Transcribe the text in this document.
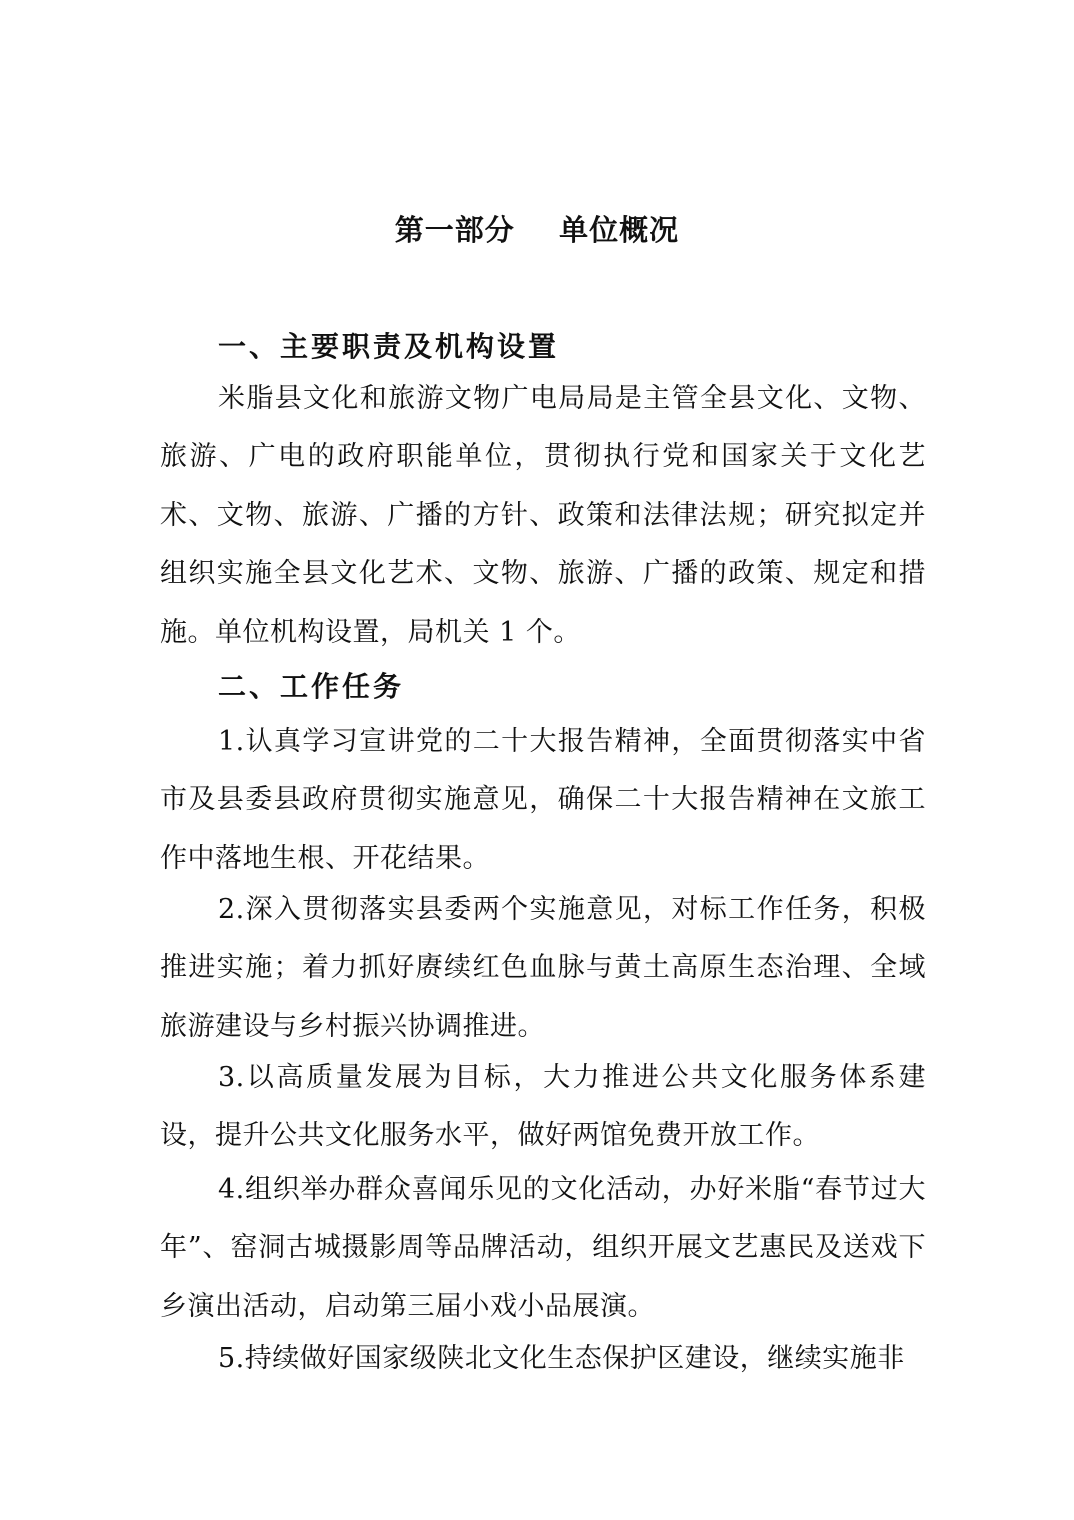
第一部分    单位概况
一、主要职责及机构设置

米脂县文化和旅游文物广电局局是主管全县文化、文物、旅游、广电的政府职能单位，贯彻执行党和国家关于文化艺术、文物、旅游、广播的方针、政策和法律法规；研究拟定并组织实施全县文化艺术、文物、旅游、广播的政策、规定和措施。单位机构设置，局机关 1 个。

二、工作任务

1.认真学习宣讲党的二十大报告精神，全面贯彻落实中省市及县委县政府贯彻实施意见，确保二十大报告精神在文旅工作中落地生根、开花结果。

2.深入贯彻落实县委两个实施意见，对标工作任务，积极推进实施；着力抓好赓续红色血脉与黄土高原生态治理、全域旅游建设与乡村振兴协调推进。

3.以高质量发展为目标，大力推进公共文化服务体系建设，提升公共文化服务水平，做好两馆免费开放工作。

4.组织举办群众喜闻乐见的文化活动，办好米脂“春节过大年”、窑洞古城摄影周等品牌活动，组织开展文艺惠民及送戏下乡演出活动，启动第三届小戏小品展演。

5.持续做好国家级陕北文化生态保护区建设，继续实施非
